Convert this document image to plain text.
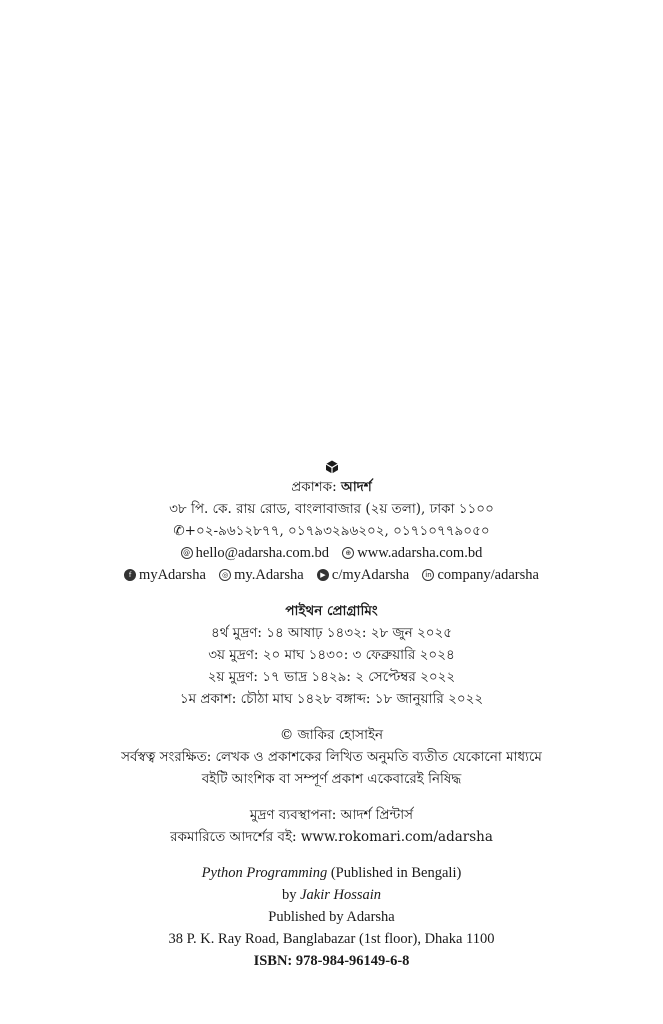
প্রকাশক: আদর্শ
৩৮ পি. কে. রায় রোড, বাংলাবাজার (২য় তলা), ঢাকা ১১০০
✆+০২-৯৬১২৮৭৭, ০১৭৯৩২৯৬২০২, ০১৭১০৭৭৯০৫০
@ hello@adarsha.com.bd ⊕ www.adarsha.com.bd
f myAdarsha ◎ my.Adarsha ▶ c/myAdarsha in company/adarsha
পাইথন প্রোগ্রামিং
৪র্থ মুদ্রণ: ১৪ আষাঢ় ১৪৩২: ২৮ জুন ২০২৫
৩য় মুদ্রণ: ২০ মাঘ ১৪৩০: ৩ ফেব্রুয়ারি ২০২৪
২য় মুদ্রণ: ১৭ ভাদ্র ১৪২৯: ২ সেপ্টেম্বর ২০২২
১ম প্রকাশ: চৌঠা মাঘ ১৪২৮ বঙ্গাব্দ: ১৮ জানুয়ারি ২০২২
© জাকির হোসাইন
সর্বস্বত্ব সংরক্ষিত: লেখক ও প্রকাশকের লিখিত অনুমতি ব্যতীত যেকোনো মাধ্যমে
বইটি আংশিক বা সম্পূর্ণ প্রকাশ একেবারেই নিষিদ্ধ
মুদ্রণ ব্যবস্থাপনা: আদর্শ প্রিন্টার্স
রকমারিতে আদর্শের বই: www.rokomari.com/adarsha
Python Programming (Published in Bengali)
by Jakir Hossain
Published by Adarsha
38 P. K. Ray Road, Banglabazar (1st floor), Dhaka 1100
ISBN: 978-984-96149-6-8
